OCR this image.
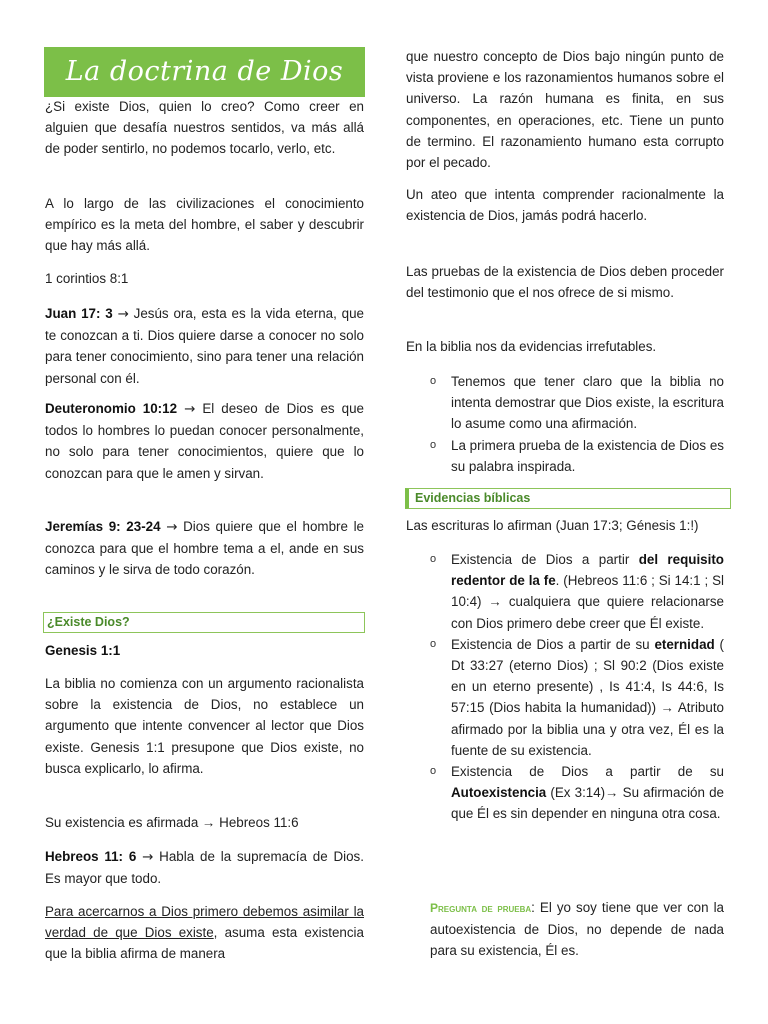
La doctrina de Dios

¿Si existe Dios, quien lo creo? Como creer en alguien que desafía nuestros sentidos, va más allá de poder sentirlo, no podemos tocarlo, verlo, etc.

A lo largo de las civilizaciones el conocimiento empírico es la meta del hombre, el saber y descubrir que hay más allá.

1 corintios 8:1

Juan 17: 3 → Jesús ora, esta es la vida eterna, que te conozcan a ti. Dios quiere darse a conocer no solo para tener conocimiento, sino para tener una relación personal con él.

Deuteronomio 10:12 → El deseo de Dios es que todos lo hombres lo puedan conocer personalmente, no solo para tener conocimientos, quiere que lo conozcan para que le amen y sirvan.

Jeremías 9: 23-24 → Dios quiere que el hombre le conozca para que el hombre tema a el, ande en sus caminos y le sirva de todo corazón.

¿Existe Dios?

Genesis 1:1

La biblia no comienza con un argumento racionalista sobre la existencia de Dios, no establece un argumento que intente convencer al lector que Dios existe. Genesis 1:1 presupone que Dios existe, no busca explicarlo, lo afirma.

Su existencia es afirmada → Hebreos 11:6

Hebreos 11: 6 → Habla de la supremacía de Dios. Es mayor que todo.

Para acercarnos a Dios primero debemos asimilar la verdad de que Dios existe, asuma esta existencia que la biblia afirma de manera

que nuestro concepto de Dios bajo ningún punto de vista proviene e los razonamientos humanos sobre el universo. La razón humana es finita, en sus componentes, en operaciones, etc. Tiene un punto de termino. El razonamiento humano esta corrupto por el pecado.

Un ateo que intenta comprender racionalmente la existencia de Dios, jamás podrá hacerlo.

Las pruebas de la existencia de Dios deben proceder del testimonio que el nos ofrece de si mismo.

En la biblia nos da evidencias irrefutables.

o Tenemos que tener claro que la biblia no intenta demostrar que Dios existe, la escritura lo asume como una afirmación.
o La primera prueba de la existencia de Dios es su palabra inspirada.
Evidencias bíblicas

Las escrituras lo afirman (Juan 17:3; Génesis 1:!)

o Existencia de Dios a partir del requisito redentor de la fe. (Hebreos 11:6 ; Si 14:1 ; Sl 10:4) → cualquiera que quiere relacionarse con Dios primero debe creer que Él existe.
o Existencia de Dios a partir de su eternidad ( Dt 33:27 (eterno Dios) ; Sl 90:2 (Dios existe en un eterno presente) , Is 41:4, Is 44:6, Is 57:15 (Dios habita la humanidad)) → Atributo afirmado por la biblia una y otra vez, Él es la fuente de su existencia.
o Existencia de Dios a partir de su Autoexistencia (Ex 3:14)→ Su afirmación de que Él es sin depender en ninguna otra cosa.

Pregunta de prueba: El yo soy tiene que ver con la autoexistencia de Dios, no depende de nada para su existencia, Él es.
